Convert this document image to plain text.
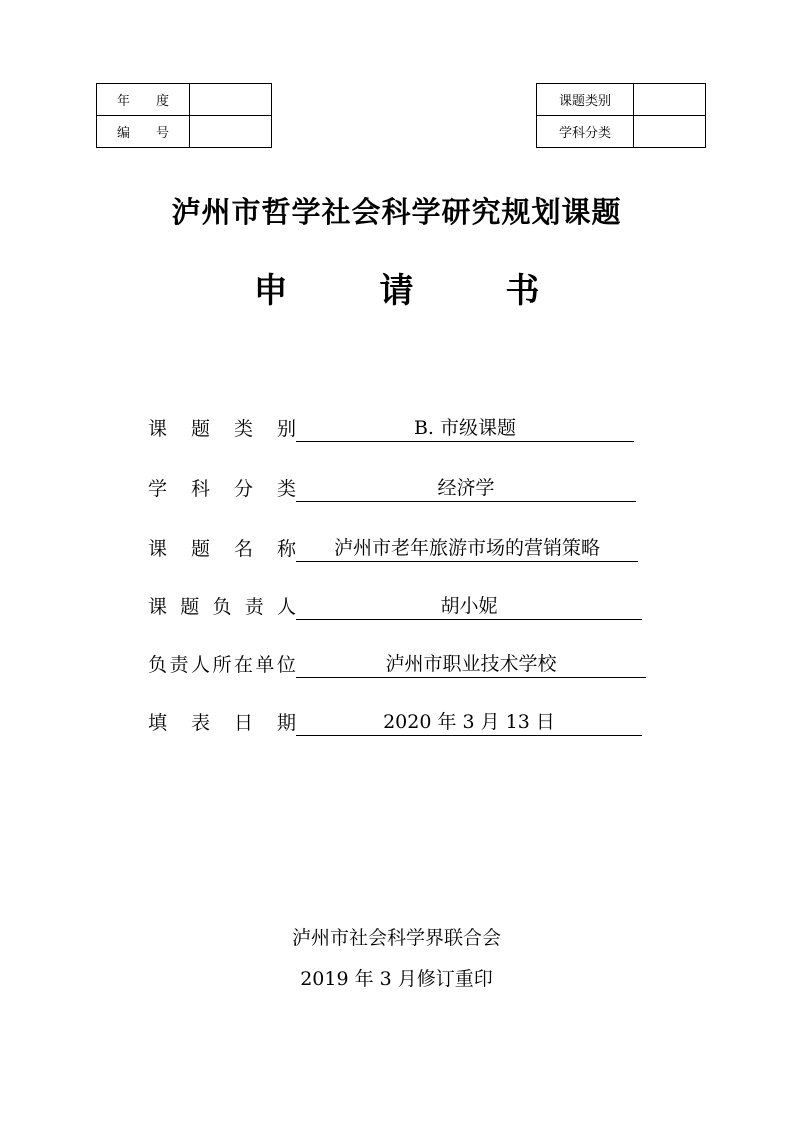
年　　度	
编　　号	
课题类别	
学科分类	
泸州市哲学社会科学研究规划课题
申	请	书
课 题 类 别	B. 市级课题
学 科 分 类	经济学
课 题 名 称	泸州市老年旅游市场的营销策略
课 题 负 责 人	胡小妮
负 责 人 所 在 单 位	泸州市职业技术学校
填 表 日 期	2020 年 3 月 13 日
泸州市社会科学界联合会
2019 年 3 月修订重印
